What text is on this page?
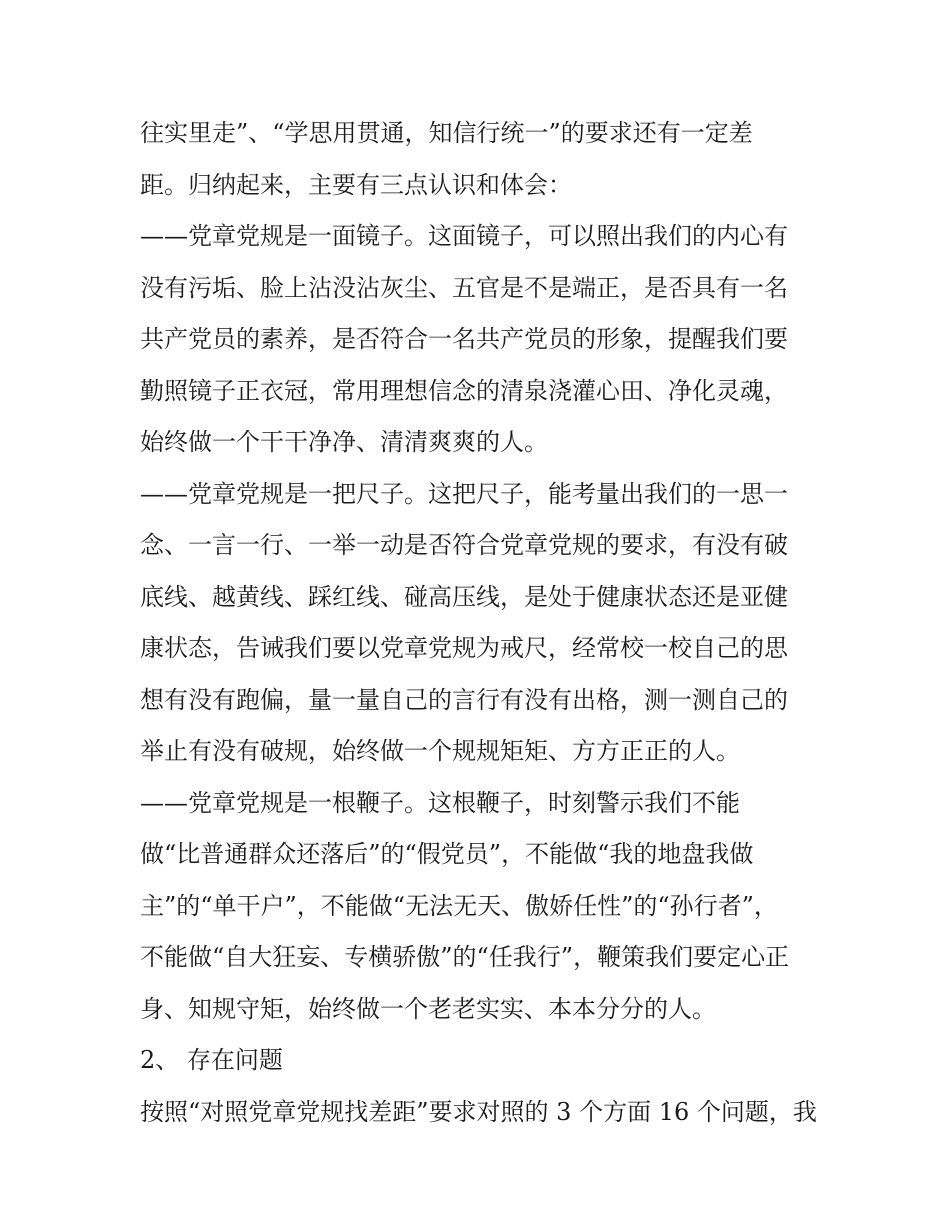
往实里走”、“学思用贯通，知信行统一”的要求还有一定差
距。归纳起来，主要有三点认识和体会：
——党章党规是一面镜子。这面镜子，可以照出我们的内心有
没有污垢、脸上沾没沾灰尘、五官是不是端正，是否具有一名
共产党员的素养，是否符合一名共产党员的形象，提醒我们要
勤照镜子正衣冠，常用理想信念的清泉浇灌心田、净化灵魂，
始终做一个干干净净、清清爽爽的人。
——党章党规是一把尺子。这把尺子，能考量出我们的一思一
念、一言一行、一举一动是否符合党章党规的要求，有没有破
底线、越黄线、踩红线、碰高压线，是处于健康状态还是亚健
康状态，告诫我们要以党章党规为戒尺，经常校一校自己的思
想有没有跑偏，量一量自己的言行有没有出格，测一测自己的
举止有没有破规，始终做一个规规矩矩、方方正正的人。
——党章党规是一根鞭子。这根鞭子，时刻警示我们不能
做“比普通群众还落后”的“假党员”，不能做“我的地盘我做
主”的“单干户”，不能做“无法无天、傲娇任性”的“孙行者”，
不能做“自大狂妄、专横骄傲”的“任我行”，鞭策我们要定心正
身、知规守矩，始终做一个老老实实、本本分分的人。
2、 存在问题
按照“对照党章党规找差距”要求对照的 3 个方面 16 个问题，我
